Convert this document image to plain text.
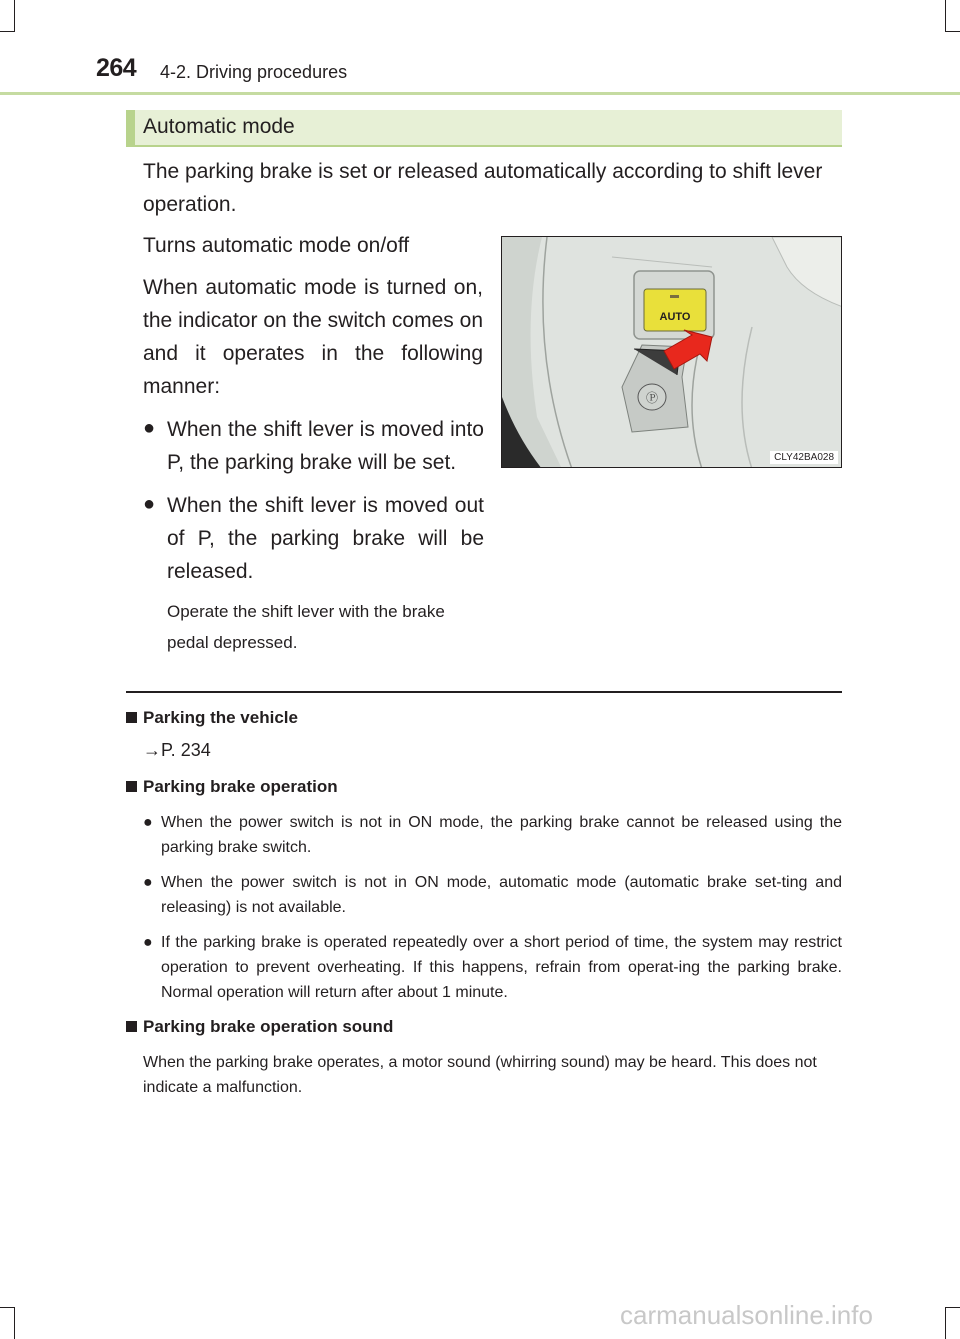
264 4-2. Driving procedures
Automatic mode
The parking brake is set or released automatically according to shift lever operation.
Turns automatic mode on/off
When automatic mode is turned on, the indicator on the switch comes on and it operates in the following manner:
● When the shift lever is moved into P, the parking brake will be set.
● When the shift lever is moved out of P, the parking brake will be released.
Operate the shift lever with the brake pedal depressed.
AUTO
Ⓟ
CLY42BA028
Parking the vehicle
→P. 234
Parking brake operation
● When the power switch is not in ON mode, the parking brake cannot be released using the parking brake switch.
● When the power switch is not in ON mode, automatic mode (automatic brake set-ting and releasing) is not available.
● If the parking brake is operated repeatedly over a short period of time, the system may restrict operation to prevent overheating. If this happens, refrain from operat-ing the parking brake. Normal operation will return after about 1 minute.
Parking brake operation sound
When the parking brake operates, a motor sound (whirring sound) may be heard. This does not indicate a malfunction.
carmanualsonline.info
